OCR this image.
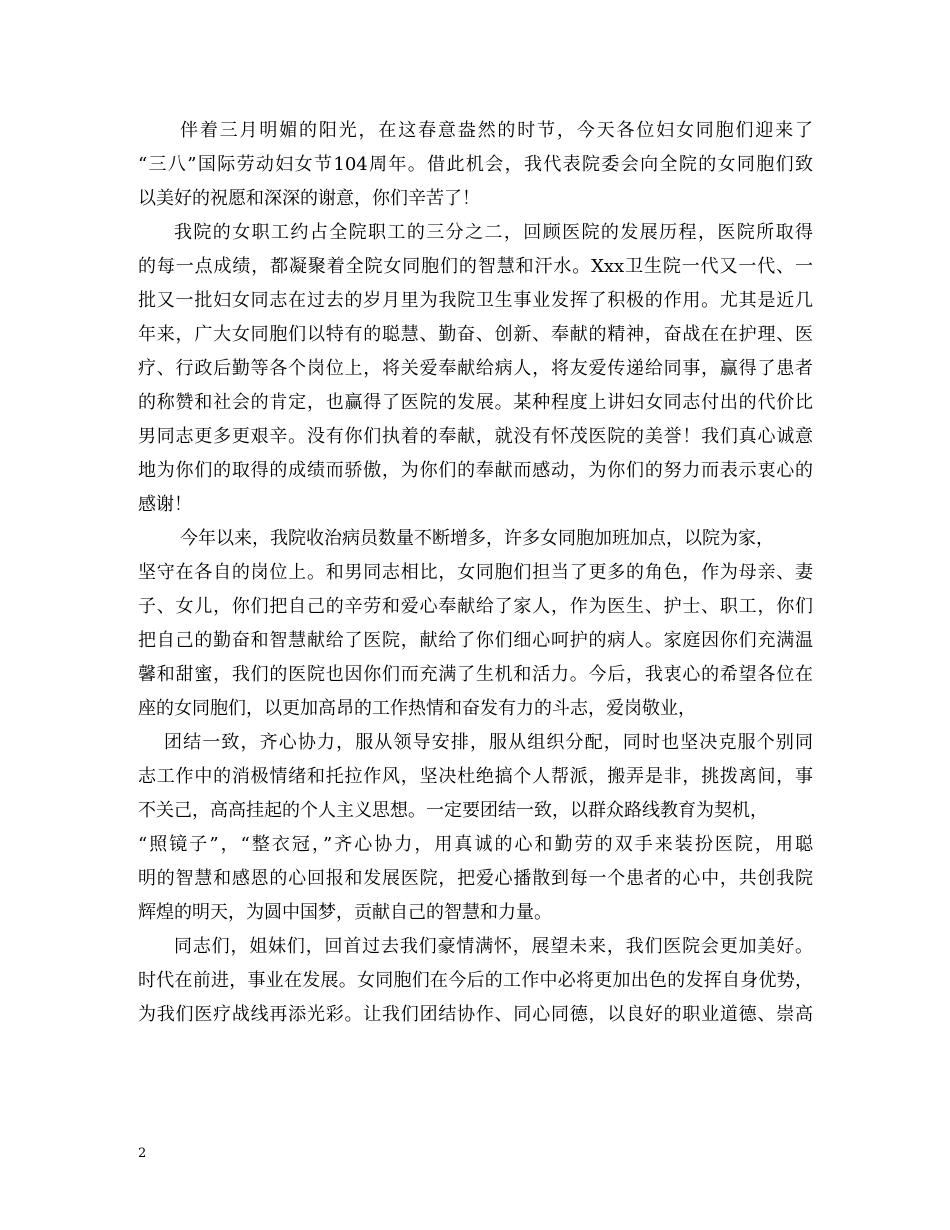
伴着三月明媚的阳光，在这春意盎然的时节，今天各位妇女同胞们迎来了
“三八”国际劳动妇女节104周年。借此机会，我代表院委会向全院的女同胞们致
以美好的祝愿和深深的谢意，你们辛苦了！
我院的女职工约占全院职工的三分之二，回顾医院的发展历程，医院所取得
的每一点成绩，都凝聚着全院女同胞们的智慧和汗水。Xxx卫生院一代又一代、一
批又一批妇女同志在过去的岁月里为我院卫生事业发挥了积极的作用。尤其是近几
年来，广大女同胞们以特有的聪慧、勤奋、创新、奉献的精神，奋战在在护理、医
疗、行政后勤等各个岗位上，将关爱奉献给病人，将友爱传递给同事，赢得了患者
的称赞和社会的肯定，也赢得了医院的发展。某种程度上讲妇女同志付出的代价比
男同志更多更艰辛。没有你们执着的奉献，就没有怀茂医院的美誉！我们真心诚意
地为你们的取得的成绩而骄傲，为你们的奉献而感动，为你们的努力而表示衷心的
感谢！
今年以来，我院收治病员数量不断增多，许多女同胞加班加点，以院为家，
坚守在各自的岗位上。和男同志相比，女同胞们担当了更多的角色，作为母亲、妻
子、女儿，你们把自己的辛劳和爱心奉献给了家人，作为医生、护士、职工，你们
把自己的勤奋和智慧献给了医院，献给了你们细心呵护的病人。家庭因你们充满温
馨和甜蜜，我们的医院也因你们而充满了生机和活力。今后，我衷心的希望各位在
座的女同胞们，以更加高昂的工作热情和奋发有力的斗志，爱岗敬业，
团结一致，齐心协力，服从领导安排，服从组织分配，同时也坚决克服个别同
志工作中的消极情绪和托拉作风，坚决杜绝搞个人帮派，搬弄是非，挑拨离间，事
不关己，高高挂起的个人主义思想。一定要团结一致，以群众路线教育为契机，
“照镜子”，“整衣冠，”齐心协力，用真诚的心和勤劳的双手来装扮医院，用聪
明的智慧和感恩的心回报和发展医院，把爱心播散到每一个患者的心中，共创我院
辉煌的明天，为圆中国梦，贡献自己的智慧和力量。
同志们，姐妹们，回首过去我们豪情满怀，展望未来，我们医院会更加美好。
时代在前进，事业在发展。女同胞们在今后的工作中必将更加出色的发挥自身优势，
为我们医疗战线再添光彩。让我们团结协作、同心同德，以良好的职业道德、崇高
2
